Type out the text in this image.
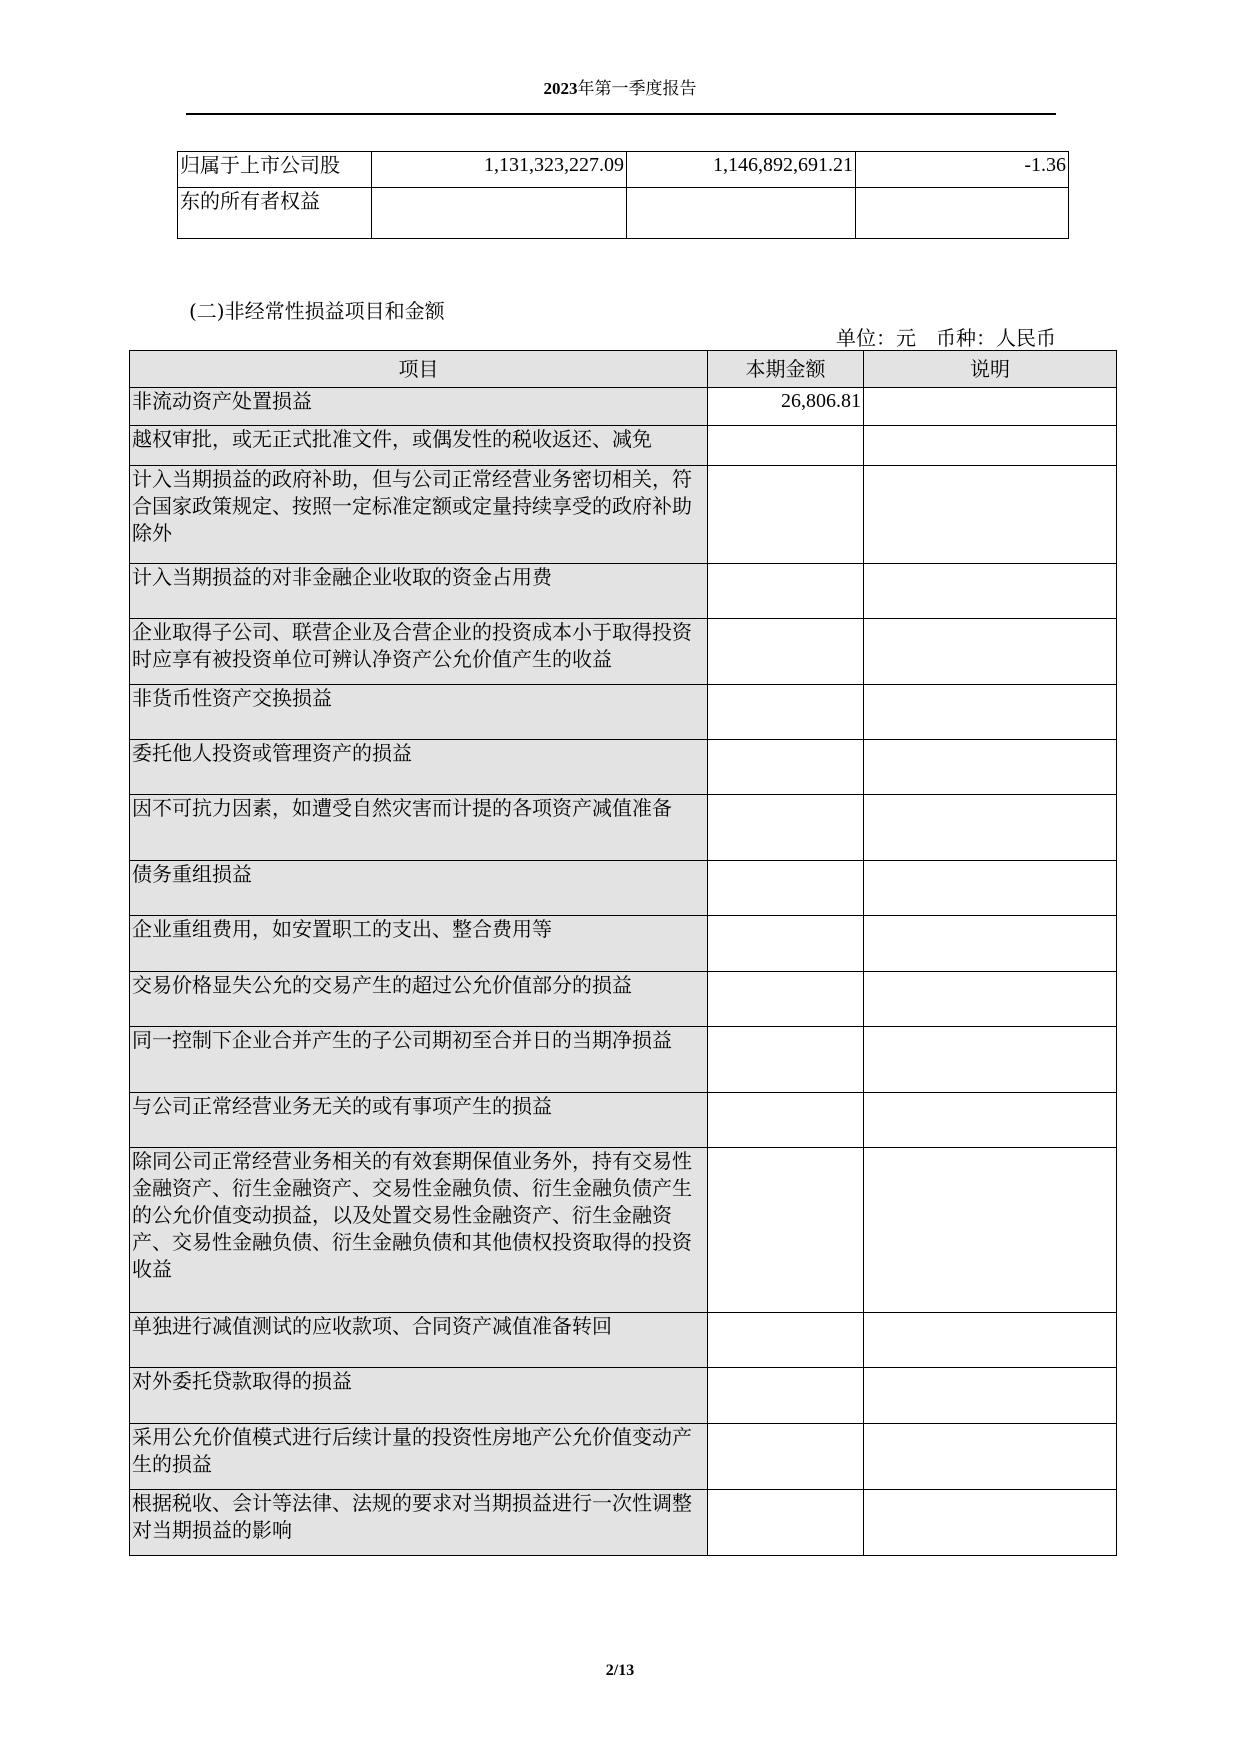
2023年第一季度报告
归属于上市公司股	1,131,323,227.09	1,146,892,691.21	-1.36
东的所有者权益			
(二)非经常性损益项目和金额
单位：元　币种：人民币
项目	本期金额	说明
非流动资产处置损益	26,806.81	
越权审批，或无正式批准文件，或偶发性的税收返还、减免		
计入当期损益的政府补助，但与公司正常经营业务密切相关，符合国家政策规定、按照一定标准定额或定量持续享受的政府补助除外		
计入当期损益的对非金融企业收取的资金占用费		
企业取得子公司、联营企业及合营企业的投资成本小于取得投资时应享有被投资单位可辨认净资产公允价值产生的收益		
非货币性资产交换损益		
委托他人投资或管理资产的损益		
因不可抗力因素，如遭受自然灾害而计提的各项资产减值准备		
债务重组损益		
企业重组费用，如安置职工的支出、整合费用等		
交易价格显失公允的交易产生的超过公允价值部分的损益		
同一控制下企业合并产生的子公司期初至合并日的当期净损益		
与公司正常经营业务无关的或有事项产生的损益		
除同公司正常经营业务相关的有效套期保值业务外，持有交易性金融资产、衍生金融资产、交易性金融负债、衍生金融负债产生的公允价值变动损益，以及处置交易性金融资产、衍生金融资产、交易性金融负债、衍生金融负债和其他债权投资取得的投资收益		
单独进行减值测试的应收款项、合同资产减值准备转回		
对外委托贷款取得的损益		
采用公允价值模式进行后续计量的投资性房地产公允价值变动产生的损益		
根据税收、会计等法律、法规的要求对当期损益进行一次性调整对当期损益的影响		
2/13
